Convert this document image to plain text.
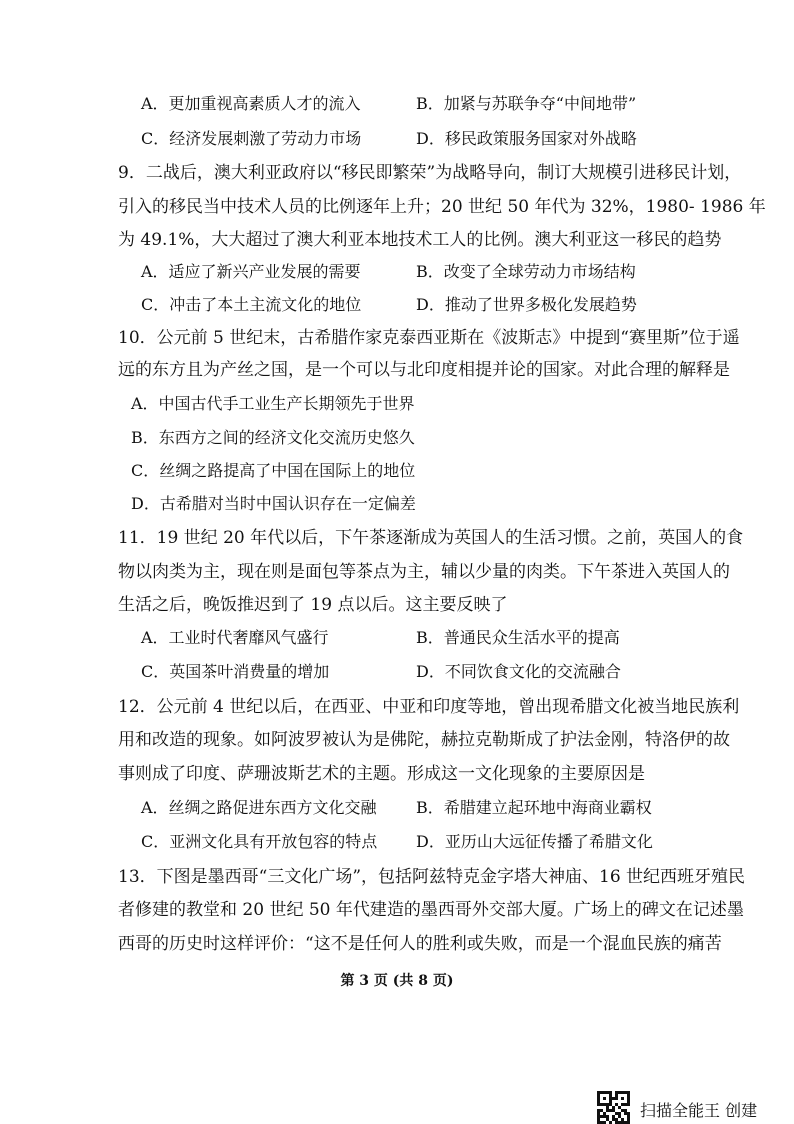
A．更加重视高素质人才的流入	B．加紧与苏联争夺“中间地带”
C．经济发展刺激了劳动力市场	D．移民政策服务国家对外战略
9．二战后，澳大利亚政府以“移民即繁荣”为战略导向，制订大规模引进移民计划，
引入的移民当中技术人员的比例逐年上升；20 世纪 50 年代为 32%，1980- 1986 年
为 49.1%，大大超过了澳大利亚本地技术工人的比例。澳大利亚这一移民的趋势
A．适应了新兴产业发展的需要	B．改变了全球劳动力市场结构
C．冲击了本土主流文化的地位	D．推动了世界多极化发展趋势
10．公元前 5 世纪末，古希腊作家克泰西亚斯在《波斯志》中提到“赛里斯”位于遥
远的东方且为产丝之国，是一个可以与北印度相提并论的国家。对此合理的解释是
A．中国古代手工业生产长期领先于世界
B．东西方之间的经济文化交流历史悠久
C．丝绸之路提高了中国在国际上的地位
D．古希腊对当时中国认识存在一定偏差
11．19 世纪 20 年代以后，下午茶逐渐成为英国人的生活习惯。之前，英国人的食
物以肉类为主，现在则是面包等茶点为主，辅以少量的肉类。下午茶进入英国人的
生活之后，晚饭推迟到了 19 点以后。这主要反映了
A．工业时代奢靡风气盛行	B．普通民众生活水平的提高
C．英国茶叶消费量的增加	D．不同饮食文化的交流融合
12．公元前 4 世纪以后，在西亚、中亚和印度等地，曾出现希腊文化被当地民族利
用和改造的现象。如阿波罗被认为是佛陀，赫拉克勒斯成了护法金刚，特洛伊的故
事则成了印度、萨珊波斯艺术的主题。形成这一文化现象的主要原因是
A．丝绸之路促进东西方文化交融 B．希腊建立起环地中海商业霸权
C．亚洲文化具有开放包容的特点 D．亚历山大远征传播了希腊文化
13．下图是墨西哥“三文化广场”，包括阿兹特克金字塔大神庙、16 世纪西班牙殖民
者修建的教堂和 20 世纪 50 年代建造的墨西哥外交部大厦。广场上的碑文在记述墨
西哥的历史时这样评价：“这不是任何人的胜利或失败，而是一个混血民族的痛苦
第 3 页 (共 8 页)
扫描全能王 创建
